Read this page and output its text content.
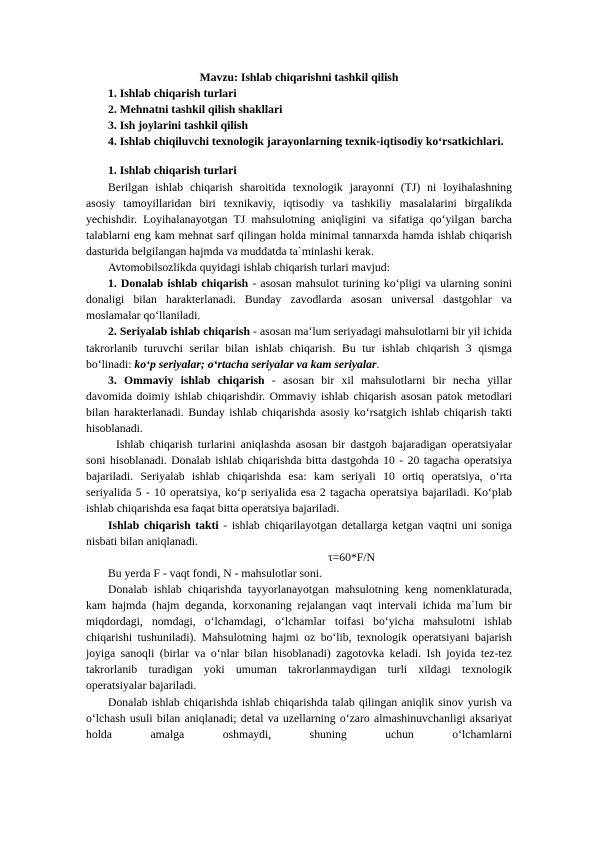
Mavzu: Ishlab chiqarishni tashkil qilish

1. Ishlab chiqarish turlari

2. Mehnatni tashkil qilish shakllari

3. Ish joylarini tashkil qilish

4. Ishlab chiqiluvchi texnologik jarayonlarning texnik-iqtisodiy ko‘rsatkichlari.

1. Ishlab chiqarish turlari

Berilgan ishlab chiqarish sharoitida texnologik jarayonni (TJ) ni loyihalashning asosiy tamoyillaridan biri texnikaviy, iqtisodiy va tashkiliy masalalarini birgalikda yechishdir. Loyihalanayotgan TJ mahsulotning aniqligini va sifatiga qo‘yilgan barcha talablarni eng kam mehnat sarf qilingan holda minimal tannarxda hamda ishlab chiqarish dasturida belgilangan hajmda va muddatda ta`minlashi kerak.

Avtomobilsozlikda quyidagi ishlab chiqarish turlari mavjud:

1. Donalab ishlab chiqarish - asosan mahsulot turining ko‘pligi va ularning sonini donaligi bilan harakterlanadi. Bunday zavodlarda asosan universal dastgohlar va moslamalar qo‘llaniladi.

2. Seriyalab ishlab chiqarish - asosan ma‘lum seriyadagi mahsulotlarni bir yil ichida takrorlanib turuvchi serilar bilan ishlab chiqarish. Bu tur ishlab chiqarish 3 qismga bo‘linadi: ko‘p seriyalar; o‘rtacha seriyalar va kam seriyalar.

3. Ommaviy ishlab chiqarish - asosan bir xil mahsulotlarni bir necha yillar davomida doimiy ishlab chiqarishdir. Ommaviy ishlab chiqarish asosan patok metodlari bilan harakterlanadi. Bunday ishlab chiqarishda asosiy ko‘rsatgich ishlab chiqarish takti hisoblanadi.

Ishlab chiqarish turlarini aniqlashda asosan bir dastgoh bajaradigan operatsiyalar soni hisoblanadi. Donalab ishlab chiqarishda bitta dastgohda 10 - 20 tagacha operatsiya bajariladi. Seriyalab ishlab chiqarishda esa: kam seriyali 10 ortiq operatsiya, o‘rta seriyalida 5 - 10 operatsiya, ko‘p seriyalida esa 2 tagacha operatsiya bajariladi. Ko‘plab ishlab chiqarishda esa faqat bitta operatsiya bajariladi.

Ishlab chiqarish takti - ishlab chiqarilayotgan detallarga ketgan vaqtni uni soniga nisbati bilan aniqlanadi.

τ=60*F/N

Bu yerda F - vaqt fondi, N - mahsulotlar soni.

Donalab ishlab chiqarishda tayyorlanayotgan mahsulotning keng nomenklaturada, kam hajmda (hajm deganda, korxonaning rejalangan vaqt intervali ichida ma`lum bir miqdordagi, nomdagi, o‘lchamdagi, o‘lchamlar toifasi bo‘yicha mahsulotni ishlab chiqarishi tushuniladi). Mahsulotning hajmi oz bo‘lib, texnologik operatsiyani bajarish joyiga sanoqli (birlar va o‘nlar bilan hisoblanadi) zagotovka keladi. Ish joyida tez-tez takrorlanib turadigan yoki umuman takrorlanmaydigan turli xildagi texnologik operatsiyalar bajariladi.

Donalab ishlab chiqarishda ishlab chiqarishda talab qilingan aniqlik sinov yurish va o‘lchash usuli bilan aniqlanadi; detal va uzellarning o‘zaro almashinuvchanligi aksariyat holda amalga oshmaydi, shuning uchun o‘lchamlarni
